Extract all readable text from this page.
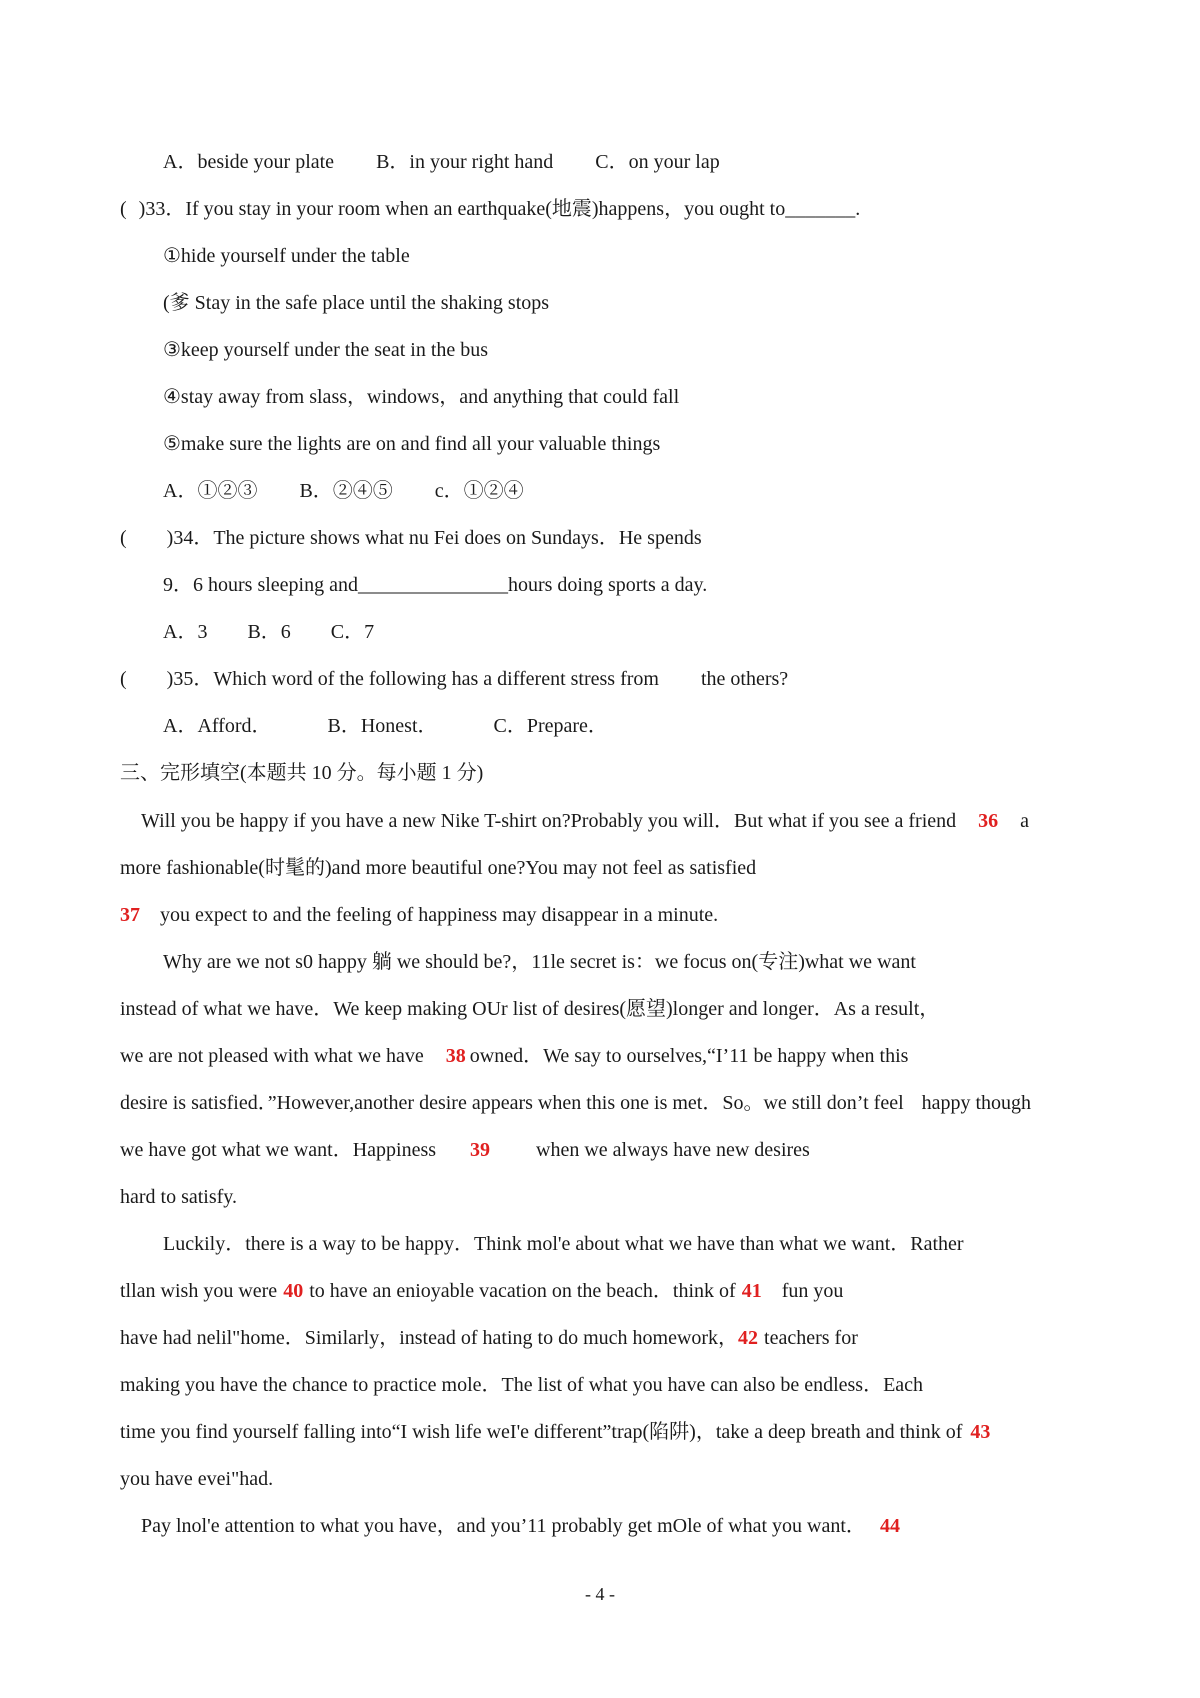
A．beside your plate B．in your right hand C．on your lap
( )33．If you stay in your room when an earthquake(地震)happens，you ought to_______.
①hide yourself under the table
(爹 Stay in the safe place until the shaking stops
③keep yourself under the seat in the bus
④stay away from slass，windows，and anything that could fall
⑤make sure the lights are on and find all your valuable things
A．①②③ B．②④⑤ c．①②④
( )34．The picture shows what nu Fei does on Sundays．He spends
9．6 hours sleeping and_______________hours doing sports a day.
A．3 B．6 C．7
( )35．Which word of the following has a different stress from the others?
A．Afford．	B．Honest．	C．Prepare．
三、完形填空(本题共 10 分。每小题 1 分)
Will you be happy if you have a new Nike T-shirt on?Probably you will．But what if you see a friend 36 a
more fashionable(时髦的)and more beautiful one?You may not feel as satisfied
37 you expect to and the feeling of happiness may disappear in a minute.
Why are we not s0 happy 躺 we should be?，11le secret is：we focus on(专注)what we want
instead of what we have．We keep making OUr list of desires(愿望)longer and longer．As a result，
we are not pleased with what we have 38 owned．We say to ourselves,“I’11 be happy when this
desire is satisfied．”However,another desire appears when this one is met．So。we still don’t feel happy though
we have got what we want．Happiness 39 when we always have new desires
hard to satisfy.
Luckily．there is a way to be happy．Think mol'e about what we have than what we want．Rather
tllan wish you were 40 to have an enioyable vacation on the beach．think of 41 fun you
have had nelil"home．Similarly，instead of hating to do much homework，42 teachers for
making you have the chance to practice mole．The list of what you have can also be endless．Each
time you find yourself falling into“I wish life weI'e different”trap(陷阱)，take a deep breath and think of 43
you have evei"had.
Pay lnol'e attention to what you have，and you’11 probably get mOle of what you want． 44
- 4 -
